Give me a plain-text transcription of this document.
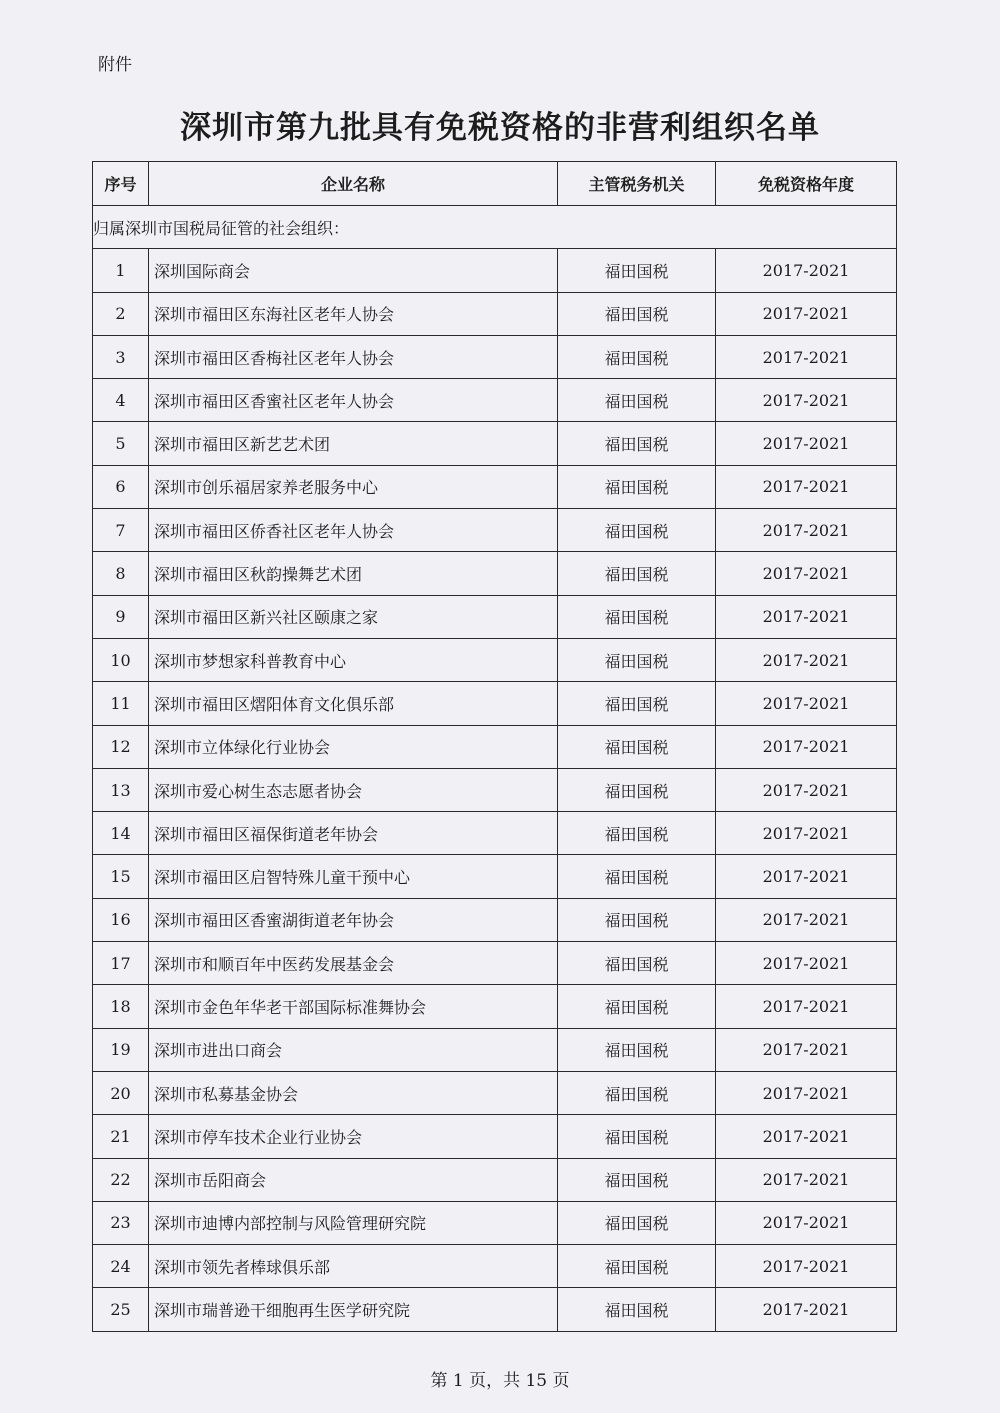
附件
深圳市第九批具有免税资格的非营利组织名单
序号	企业名称	主管税务机关	免税资格年度
归属深圳市国税局征管的社会组织：			
1	深圳国际商会	福田国税	2017-2021
2	深圳市福田区东海社区老年人协会	福田国税	2017-2021
3	深圳市福田区香梅社区老年人协会	福田国税	2017-2021
4	深圳市福田区香蜜社区老年人协会	福田国税	2017-2021
5	深圳市福田区新艺艺术团	福田国税	2017-2021
6	深圳市创乐福居家养老服务中心	福田国税	2017-2021
7	深圳市福田区侨香社区老年人协会	福田国税	2017-2021
8	深圳市福田区秋韵操舞艺术团	福田国税	2017-2021
9	深圳市福田区新兴社区颐康之家	福田国税	2017-2021
10	深圳市梦想家科普教育中心	福田国税	2017-2021
11	深圳市福田区熠阳体育文化俱乐部	福田国税	2017-2021
12	深圳市立体绿化行业协会	福田国税	2017-2021
13	深圳市爱心树生态志愿者协会	福田国税	2017-2021
14	深圳市福田区福保街道老年协会	福田国税	2017-2021
15	深圳市福田区启智特殊儿童干预中心	福田国税	2017-2021
16	深圳市福田区香蜜湖街道老年协会	福田国税	2017-2021
17	深圳市和顺百年中医药发展基金会	福田国税	2017-2021
18	深圳市金色年华老干部国际标准舞协会	福田国税	2017-2021
19	深圳市进出口商会	福田国税	2017-2021
20	深圳市私募基金协会	福田国税	2017-2021
21	深圳市停车技术企业行业协会	福田国税	2017-2021
22	深圳市岳阳商会	福田国税	2017-2021
23	深圳市迪博内部控制与风险管理研究院	福田国税	2017-2021
24	深圳市领先者棒球俱乐部	福田国税	2017-2021
25	深圳市瑞普逊干细胞再生医学研究院	福田国税	2017-2021
第 1 页，共 15 页
